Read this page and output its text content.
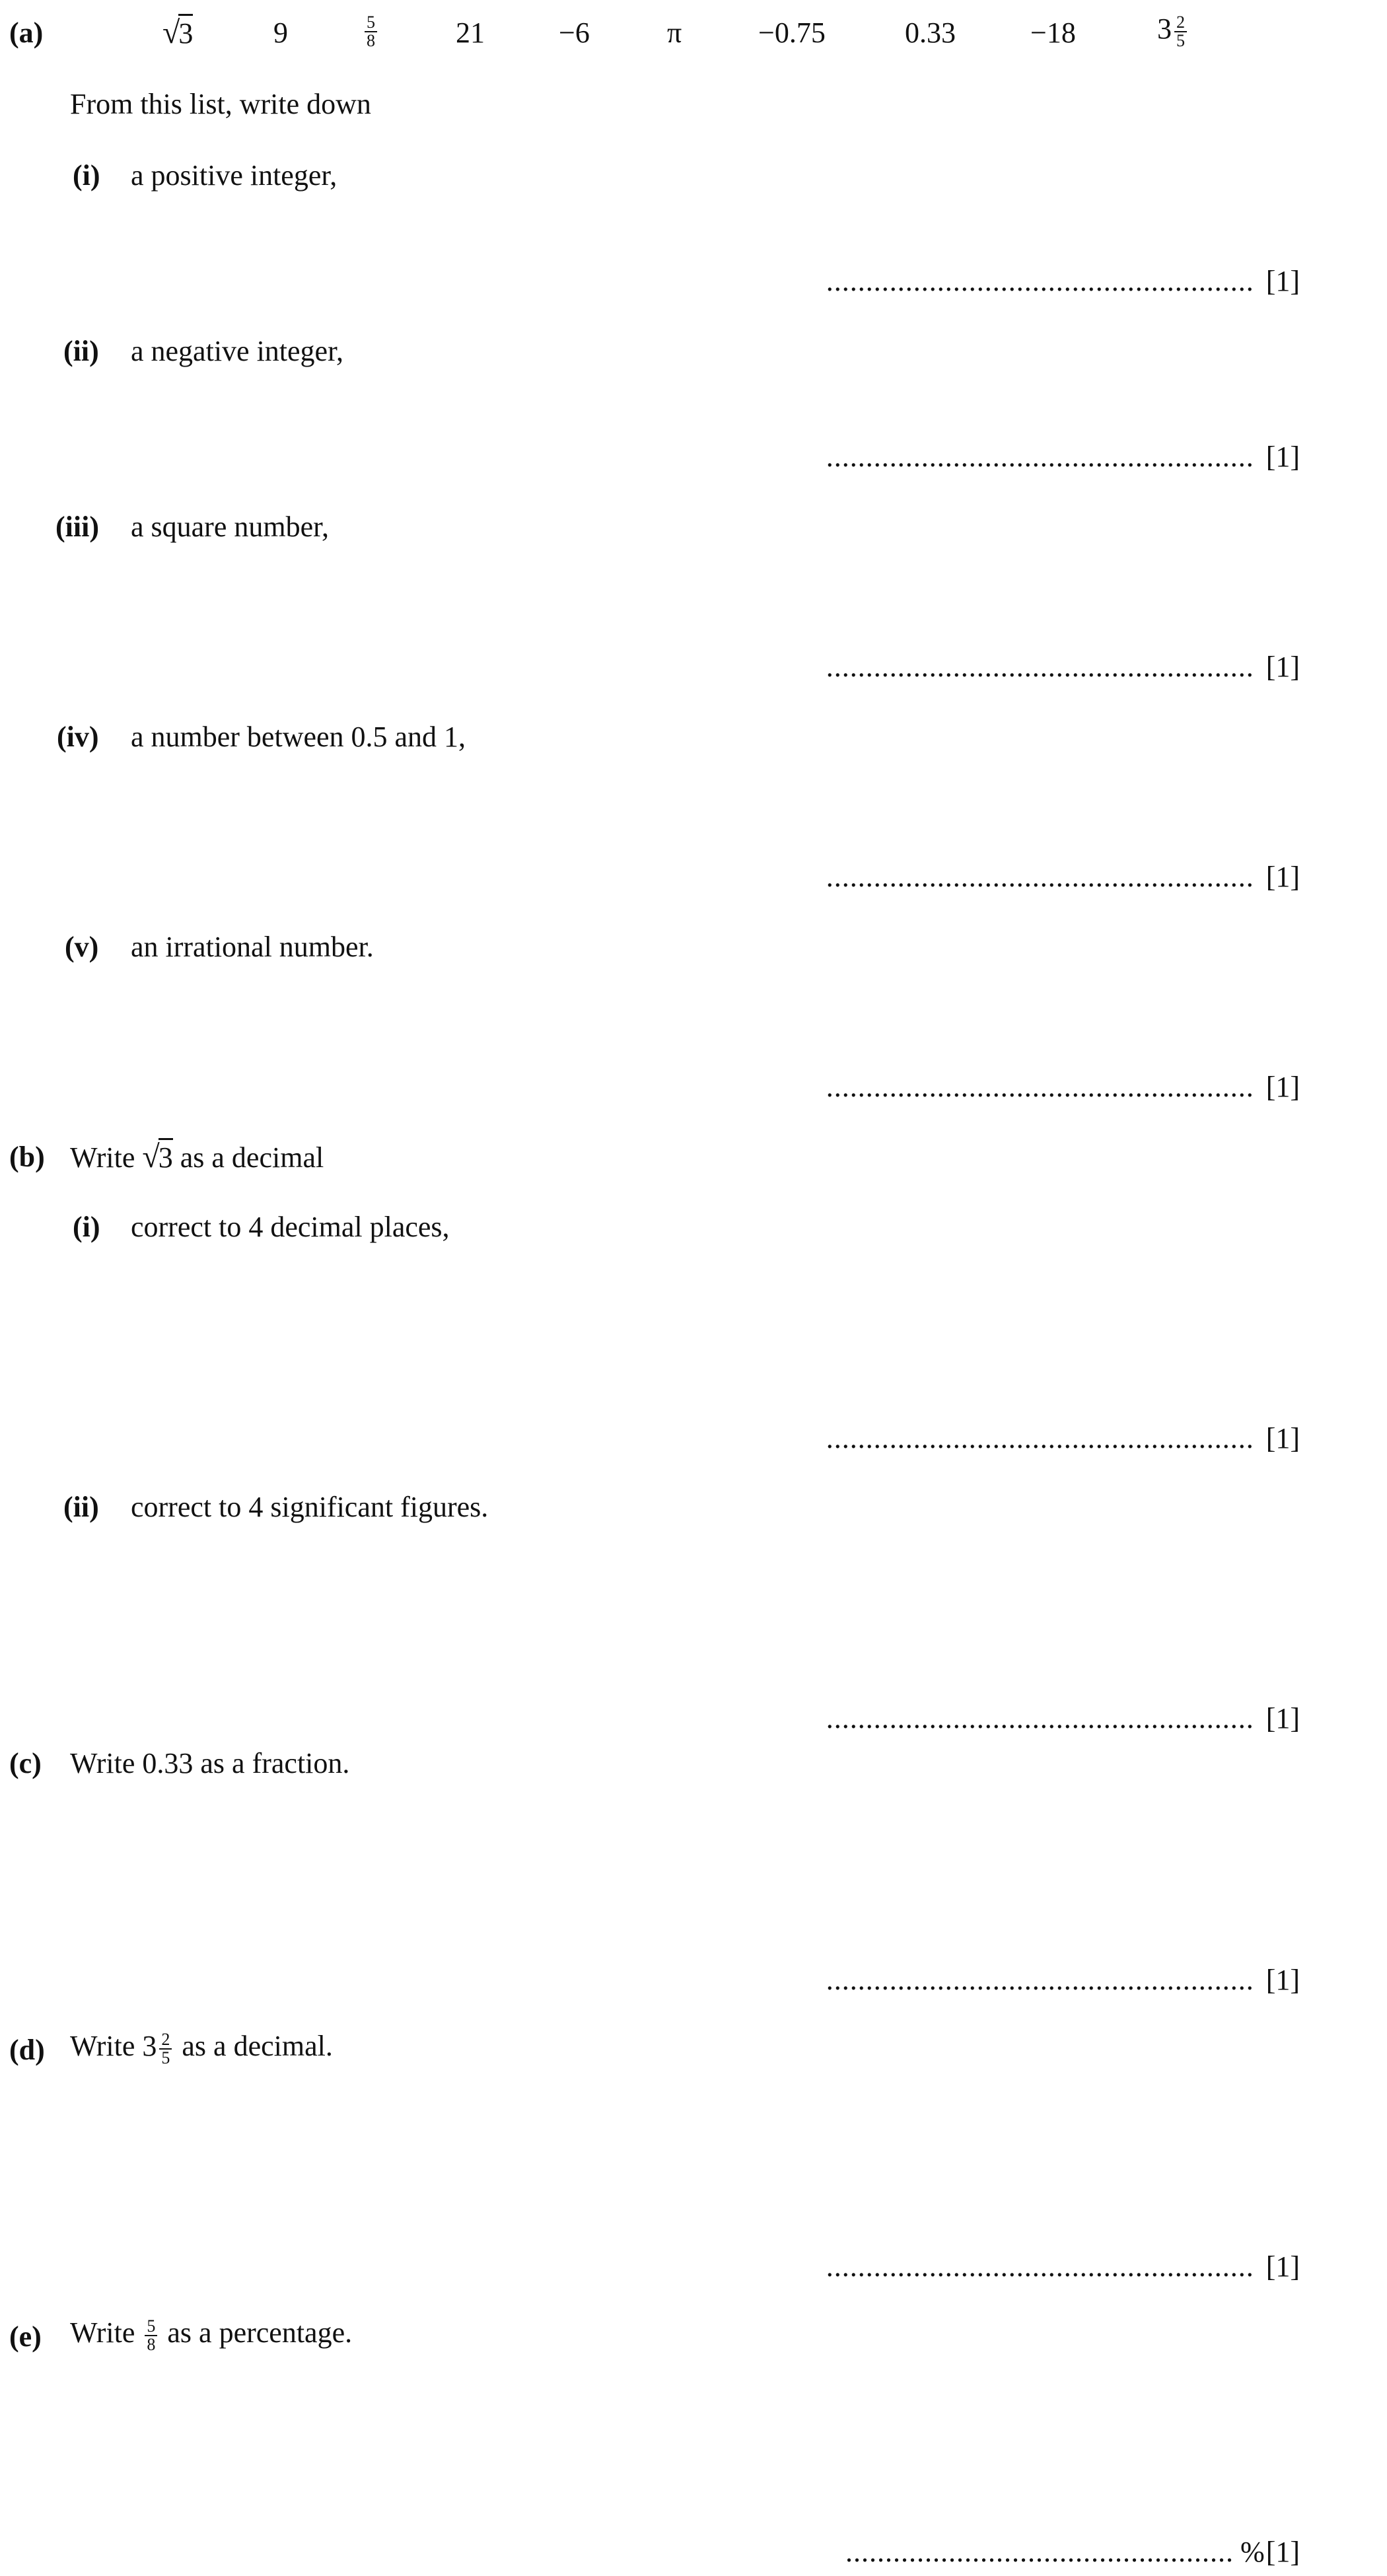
(a)	√3	9	$\frac{5}{8}$	21	−6	π	−0.75	0.33	−18	$3 \frac{2}{5}$
From this list, write down
(i) a positive integer,
...................................................... [1]
(ii) a negative integer,
...................................................... [1]
(iii) a square number,
...................................................... [1]
(iv) a number between 0.5 and 1,
...................................................... [1]
(v) an irrational number.
...................................................... [1]
(b) Write √3 as a decimal
(i) correct to 4 decimal places,
...................................................... [1]
(ii) correct to 4 significant figures.
...................................................... [1]
(c) Write 0.33 as a fraction.
...................................................... [1]
(d) Write $3 \frac{2}{5}$ as a decimal.
...................................................... [1]
(e) Write $\frac{5}{8}$ as a percentage.
................................................. %[1]
